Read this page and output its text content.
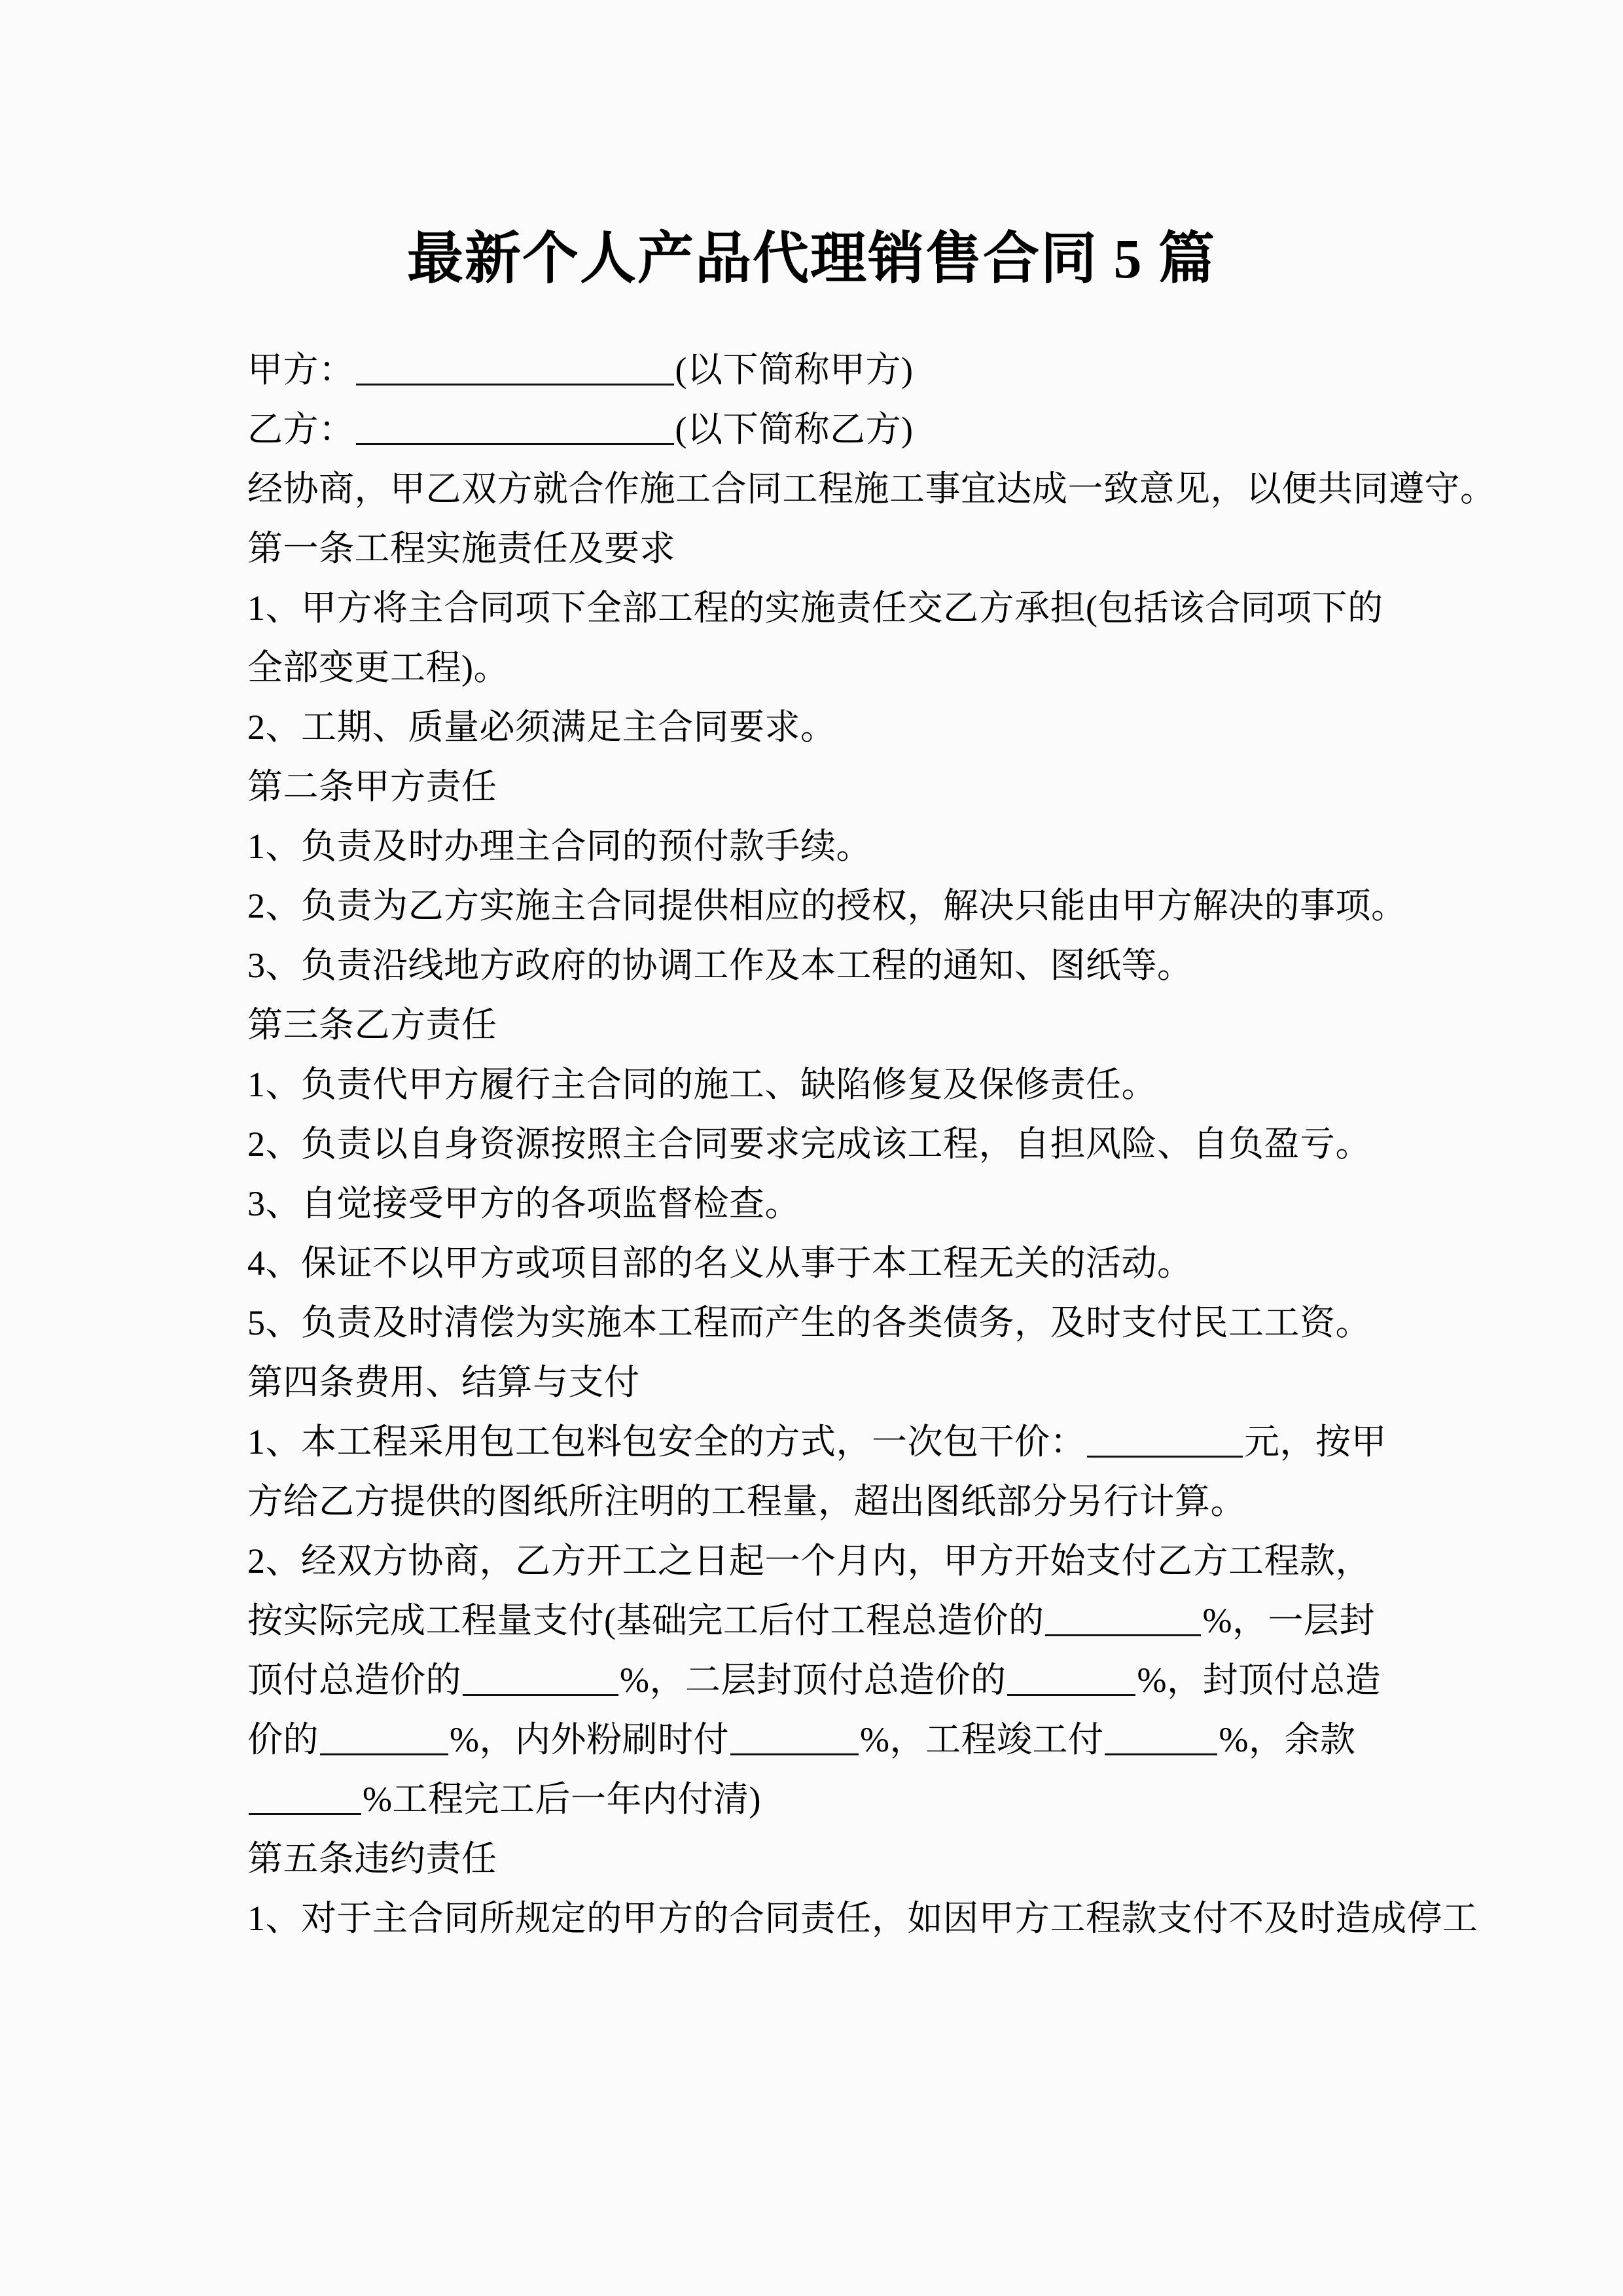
最新个人产品代理销售合同 5 篇
甲方：	(以下简称甲方)
乙方：	(以下简称乙方)
经协商，甲乙双方就合作施工合同工程施工事宜达成一致意见，以便共同遵守。
第一条工程实施责任及要求
1、甲方将主合同项下全部工程的实施责任交乙方承担(包括该合同项下的全部变更工程)。
2、工期、质量必须满足主合同要求。
第二条甲方责任
1、负责及时办理主合同的预付款手续。
2、负责为乙方实施主合同提供相应的授权，解决只能由甲方解决的事项。
3、负责沿线地方政府的协调工作及本工程的通知、图纸等。
第三条乙方责任
1、负责代甲方履行主合同的施工、缺陷修复及保修责任。
2、负责以自身资源按照主合同要求完成该工程，自担风险、自负盈亏。
3、自觉接受甲方的各项监督检查。
4、保证不以甲方或项目部的名义从事于本工程无关的活动。
5、负责及时清偿为实施本工程而产生的各类债务，及时支付民工工资。
第四条费用、结算与支付
1、本工程采用包工包料包安全的方式，一次包干价：	元，按甲方给乙方提供的图纸所注明的工程量，超出图纸部分另行计算。
2、经双方协商，乙方开工之日起一个月内，甲方开始支付乙方工程款，按实际完成工程量支付(基础完工后付工程总造价的	%，一层封顶付总造价的	%，二层封顶付总造价的	%，封顶付总造价的	%，内外粉刷时付	%，工程竣工付	%，余款%工程完工后一年内付清)
第五条违约责任
1、对于主合同所规定的甲方的合同责任，如因甲方工程款支付不及时造成停工
